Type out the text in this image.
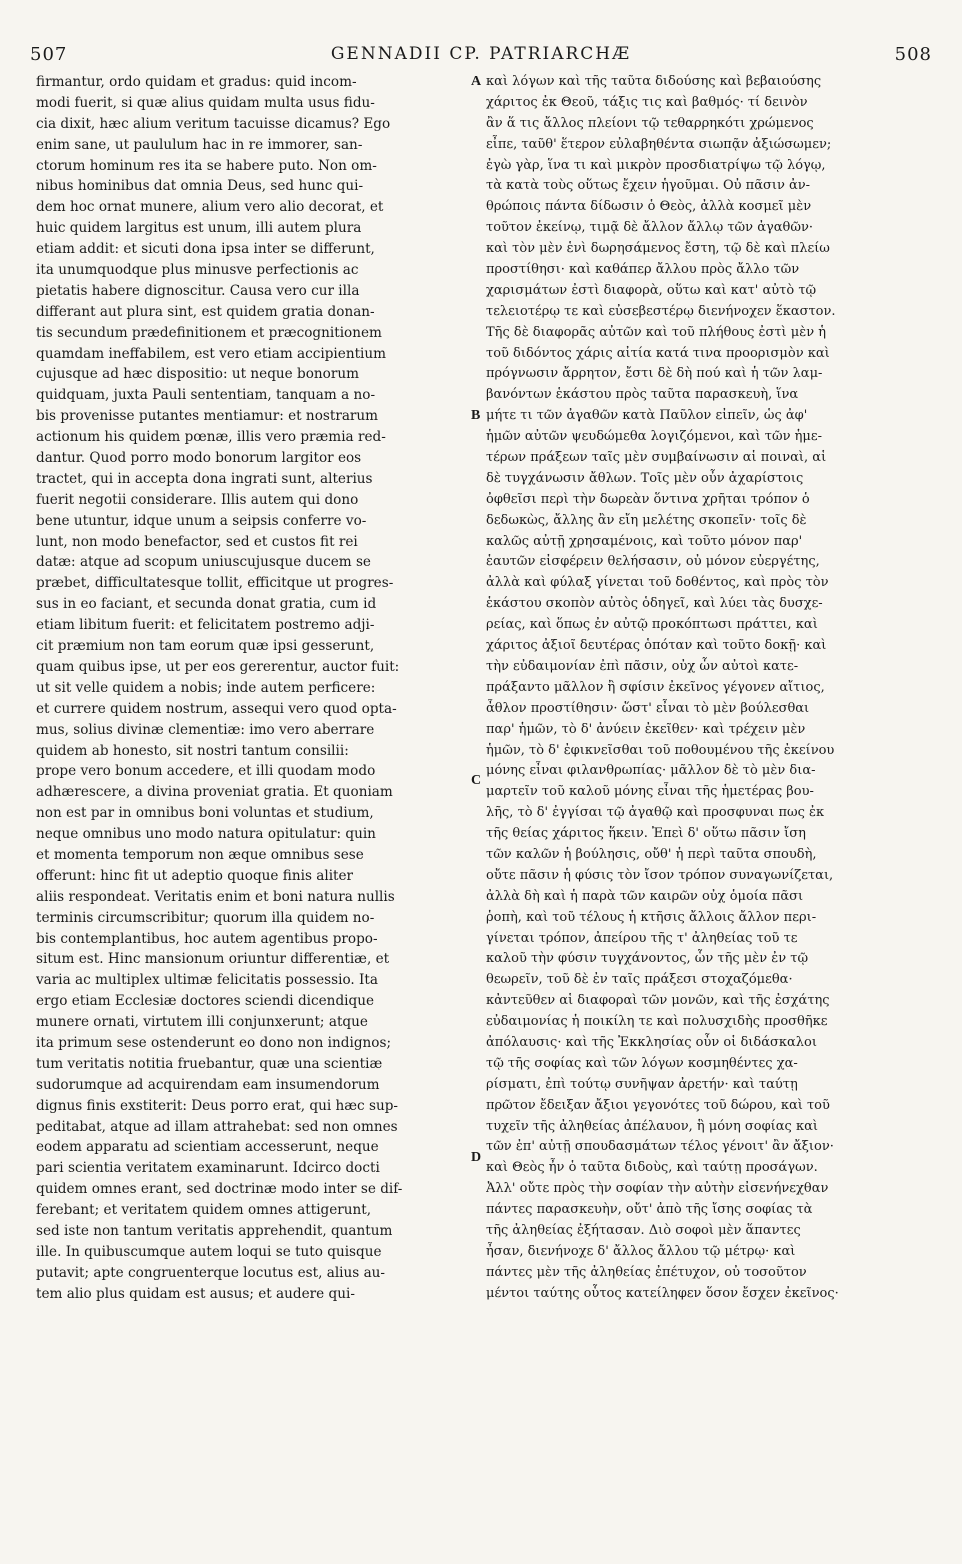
507	GENNADII CP. PATRIARCHÆ	508
firmantur, ordo quidam et gradus: quid incom-
modi fuerit, si quæ alius quidam multa usus fidu-
cia dixit, hæc alium veritum tacuisse dicamus? Ego
enim sane, ut paululum hac in re immorer, san-
ctorum hominum res ita se habere puto. Non om-
nibus hominibus dat omnia Deus, sed hunc qui-
dem hoc ornat munere, alium vero alio decorat, et
huic quidem largitus est unum, illi autem plura
etiam addit: et sicuti dona ipsa inter se differunt,
ita unumquodque plus minusve perfectionis ac
pietatis habere dignoscitur. Causa vero cur illa
differant aut plura sint, est quidem gratia donan-
tis secundum prædefinitionem et præcognitionem
quamdam ineffabilem, est vero etiam accipientium
cujusque ad hæc dispositio: ut neque bonorum
quidquam, juxta Pauli sententiam, tanquam a no-
bis provenisse putantes mentiamur: et nostrarum
actionum his quidem pœnæ, illis vero præmia red-
dantur. Quod porro modo bonorum largitor eos
tractet, qui in accepta dona ingrati sunt, alterius
fuerit negotii considerare. Illis autem qui dono
bene utuntur, idque unum a seipsis conferre vo-
lunt, non modo benefactor, sed et custos fit rei
datæ: atque ad scopum uniuscujusque ducem se
præbet, difficultatesque tollit, efficitque ut progres-
sus in eo faciant, et secunda donat gratia, cum id
etiam libitum fuerit: et felicitatem postremo adji-
cit præmium non tam eorum quæ ipsi gesserunt,
quam quibus ipse, ut per eos gererentur, auctor fuit:
ut sit velle quidem a nobis; inde autem perficere:
et currere quidem nostrum, assequi vero quod opta-
mus, solius divinæ clementiæ: imo vero aberrare
quidem ab honesto, sit nostri tantum consilii:
prope vero bonum accedere, et illi quodam modo
adhærescere, a divina proveniat gratia. Et quoniam
non est par in omnibus boni voluntas et studium,
neque omnibus uno modo natura opitulatur: quin
et momenta temporum non æque omnibus sese
offerunt: hinc fit ut adeptio quoque finis aliter
aliis respondeat. Veritatis enim et boni natura nullis
terminis circumscribitur; quorum illa quidem no-
bis contemplantibus, hoc autem agentibus propo-
situm est. Hinc mansionum oriuntur differentiæ, et
varia ac multiplex ultimæ felicitatis possessio. Ita
ergo etiam Ecclesiæ doctores sciendi dicendique
munere ornati, virtutem illi conjunxerunt; atque
ita primum sese ostenderunt eo dono non indignos;
tum veritatis notitia fruebantur, quæ una scientiæ
sudorumque ad acquirendam eam insumendorum
dignus finis exstiterit: Deus porro erat, qui hæc sup-
peditabat, atque ad illam attrahebat: sed non omnes
eodem apparatu ad scientiam accesserunt, neque
pari scientia veritatem examinarunt. Idcirco docti
quidem omnes erant, sed doctrinæ modo inter se dif-
ferebant; et veritatem quidem omnes attigerunt,
sed iste non tantum veritatis apprehendit, quantum
ille. In quibuscumque autem loqui se tuto quisque
putavit; apte congruenterque locutus est, alius au-
tem alio plus quidam est ausus; et audere qui-
καὶ λόγων καὶ τῆς ταῦτα διδούσης καὶ βεβαιούσης
χάριτος ἐκ Θεοῦ, τάξις τις καὶ βαθμός· τί δεινὸν
ἂν ἅ τις ἄλλος πλείονι τῷ τεθαρρηκότι χρώμενος
εἶπε, ταῦθ' ἕτερον εὐλαβηθέντα σιωπᾷν ἀξιώσωμεν;
ἐγὼ γὰρ, ἵνα τι καὶ μικρὸν προσδιατρίψω τῷ λόγῳ,
τὰ κατὰ τοὺς οὕτως ἔχειν ἡγοῦμαι. Οὐ πᾶσιν ἀν-
θρώποις πάντα δίδωσιν ὁ Θεὸς, ἀλλὰ κοσμεῖ μὲν
τοῦτον ἐκείνῳ, τιμᾷ δὲ ἄλλον ἄλλῳ τῶν ἀγαθῶν·
καὶ τὸν μὲν ἑνὶ δωρησάμενος ἔστη, τῷ δὲ καὶ πλείω
προστίθησι· καὶ καθάπερ ἄλλου πρὸς ἄλλο τῶν
χαρισμάτων ἐστὶ διαφορὰ, οὕτω καὶ κατ' αὐτὸ τῷ
τελειοτέρῳ τε καὶ εὐσεβεστέρῳ διενήνοχεν ἕκαστον.
Τῆς δὲ διαφορᾶς αὐτῶν καὶ τοῦ πλήθους ἐστὶ μὲν ἡ
τοῦ διδόντος χάρις αἰτία κατά τινα προορισμὸν καὶ
πρόγνωσιν ἄρρητον, ἔστι δὲ δὴ πού καὶ ἡ τῶν λαμ-
βανόντων ἑκάστου πρὸς ταῦτα παρασκευὴ, ἵνα
μήτε τι τῶν ἀγαθῶν κατὰ Παῦλον εἰπεῖν, ὡς ἀφ'
ἡμῶν αὐτῶν ψευδώμεθα λογιζόμενοι, καὶ τῶν ἡμε-
τέρων πράξεων ταῖς μὲν συμβαίνωσιν αἱ ποιναὶ, αἱ
δὲ τυγχάνωσιν ἄθλων. Τοῖς μὲν οὖν ἀχαρίστοις
ὀφθεῖσι περὶ τὴν δωρεὰν ὅντινα χρῆται τρόπον ὁ
δεδωκὼς, ἄλλης ἂν εἴη μελέτης σκοπεῖν· τοῖς δὲ
καλῶς αὐτῇ χρησαμένοις, καὶ τοῦτο μόνον παρ'
ἑαυτῶν εἰσφέρειν θελήσασιν, οὐ μόνον εὐεργέτης,
ἀλλὰ καὶ φύλαξ γίνεται τοῦ δοθέντος, καὶ πρὸς τὸν
ἑκάστου σκοπὸν αὐτὸς ὁδηγεῖ, καὶ λύει τὰς δυσχε-
ρείας, καὶ ὅπως ἐν αὐτῷ προκόπτωσι πράττει, καὶ
χάριτος ἀξιοῖ δευτέρας ὁπόταν καὶ τοῦτο δοκῇ· καὶ
τὴν εὐδαιμονίαν ἐπὶ πᾶσιν, οὐχ ὧν αὐτοὶ κατε-
πράξαντο μᾶλλον ἢ σφίσιν ἐκεῖνος γέγονεν αἴτιος,
ἆθλον προστίθησιν· ὥστ' εἶναι τὸ μὲν βούλεσθαι
παρ' ἡμῶν, τὸ δ' ἀνύειν ἐκεῖθεν· καὶ τρέχειν μὲν
ἡμῶν, τὸ δ' ἐφικνεῖσθαι τοῦ ποθουμένου τῆς ἐκείνου
μόνης εἶναι φιλανθρωπίας· μᾶλλον δὲ τὸ μὲν δια-
μαρτεῖν τοῦ καλοῦ μόνης εἶναι τῆς ἡμετέρας βου-
λῆς, τὸ δ' ἐγγίσαι τῷ ἀγαθῷ καὶ προσφυναι πως ἐκ
τῆς θείας χάριτος ἥκειν. Ἐπεὶ δ' οὕτω πᾶσιν ἴση
τῶν καλῶν ἡ βούλησις, οὔθ' ἡ περὶ ταῦτα σπουδὴ,
οὔτε πᾶσιν ἡ φύσις τὸν ἴσον τρόπον συναγωνίζεται,
ἀλλὰ δὴ καὶ ἡ παρὰ τῶν καιρῶν οὐχ ὁμοία πᾶσι
ῥοπὴ, καὶ τοῦ τέλους ἡ κτῆσις ἄλλοις ἄλλον περι-
γίνεται τρόπον, ἀπείρου τῆς τ' ἀληθείας τοῦ τε
καλοῦ τὴν φύσιν τυγχάνοντος, ὧν τῆς μὲν ἐν τῷ
θεωρεῖν, τοῦ δὲ ἐν ταῖς πράξεσι στοχαζόμεθα·
κἀντεῦθεν αἱ διαφοραὶ τῶν μονῶν, καὶ τῆς ἐσχάτης
εὐδαιμονίας ἡ ποικίλη τε καὶ πολυσχιδὴς προσθῆκε
ἀπόλαυσις· καὶ τῆς Ἐκκλησίας οὖν οἱ διδάσκαλοι
τῷ τῆς σοφίας καὶ τῶν λόγων κοσμηθέντες χα-
ρίσματι, ἐπὶ τούτῳ συνῆψαν ἀρετήν· καὶ ταύτῃ
πρῶτον ἔδειξαν ἄξιοι γεγονότες τοῦ δώρου, καὶ τοῦ
τυχεῖν τῆς ἀληθείας ἀπέλαυον, ἣ μόνη σοφίας καὶ
τῶν ἐπ' αὐτῇ σπουδασμάτων τέλος γένοιτ' ἂν ἄξιον·
καὶ Θεὸς ἦν ὁ ταῦτα διδοὺς, καὶ ταύτῃ προσάγων.
Ἀλλ' οὔτε πρὸς τὴν σοφίαν τὴν αὐτὴν εἰσενήνεχθαν
πάντες παρασκευὴν, οὔτ' ἀπὸ τῆς ἴσης σοφίας τὰ
τῆς ἀληθείας ἐξήτασαν. Διὸ σοφοὶ μὲν ἅπαντες
ἦσαν, διενήνοχε δ' ἄλλος ἄλλου τῷ μέτρῳ· καὶ
πάντες μὲν τῆς ἀληθείας ἐπέτυχον, οὐ τοσοῦτον
μέντοι ταύτης οὗτος κατείληφεν ὅσον ἔσχεν ἐκεῖνος·
A
B
C
D
